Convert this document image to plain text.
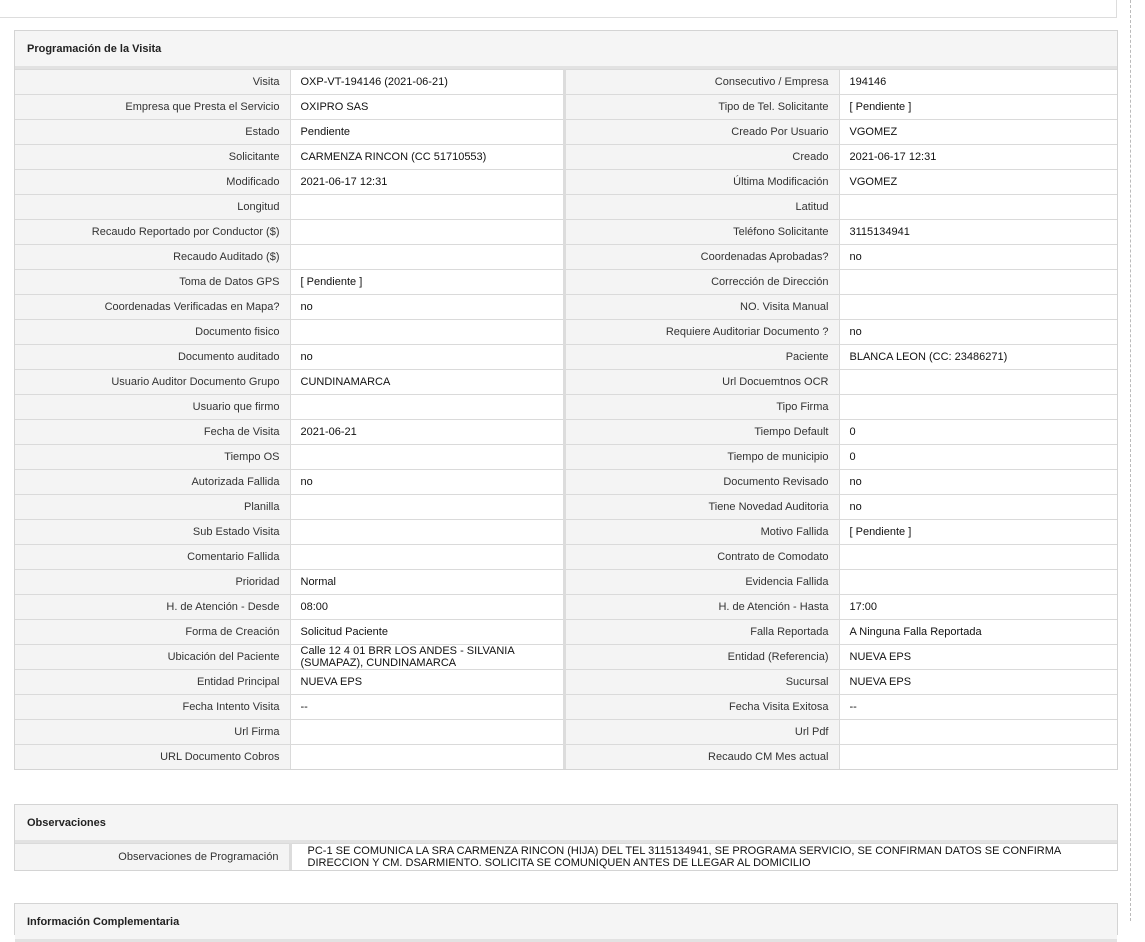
Programación de la Visita
Visita	OXP-VT-194146 (2021-06-21)	Consecutivo / Empresa	194146
Empresa que Presta el Servicio	OXIPRO SAS	Tipo de Tel. Solicitante	[ Pendiente ]
Estado	Pendiente	Creado Por Usuario	VGOMEZ
Solicitante	CARMENZA RINCON (CC 51710553)	Creado	2021-06-17 12:31
Modificado	2021-06-17 12:31	Última Modificación	VGOMEZ
Longitud		Latitud	
Recaudo Reportado por Conductor ($)		Teléfono Solicitante	3115134941
Recaudo Auditado ($)		Coordenadas Aprobadas?	no
Toma de Datos GPS	[ Pendiente ]	Corrección de Dirección	
Coordenadas Verificadas en Mapa?	no	NO. Visita Manual	
Documento fisico		Requiere Auditoriar Documento ?	no
Documento auditado	no	Paciente	BLANCA LEON (CC: 23486271)
Usuario Auditor Documento Grupo	CUNDINAMARCA	Url Docuemtnos OCR	
Usuario que firmo		Tipo Firma	
Fecha de Visita	2021-06-21	Tiempo Default	0
Tiempo OS		Tiempo de municipio	0
Autorizada Fallida	no	Documento Revisado	no
Planilla		Tiene Novedad Auditoria	no
Sub Estado Visita		Motivo Fallida	[ Pendiente ]
Comentario Fallida		Contrato de Comodato	
Prioridad	Normal	Evidencia Fallida	
H. de Atención - Desde	08:00	H. de Atención - Hasta	17:00
Forma de Creación	Solicitud Paciente	Falla Reportada	A Ninguna Falla Reportada
Ubicación del Paciente	Calle 12 4 01 BRR LOS ANDES - SILVANIA (SUMAPAZ), CUNDINAMARCA	Entidad (Referencia)	NUEVA EPS
Entidad Principal	NUEVA EPS	Sucursal	NUEVA EPS
Fecha Intento Visita	--	Fecha Visita Exitosa	--
Url Firma		Url Pdf	
URL Documento Cobros		Recaudo CM Mes actual	
Observaciones
Observaciones de Programación	PC-1 SE COMUNICA LA SRA CARMENZA RINCON (HIJA) DEL TEL 3115134941, SE PROGRAMA SERVICIO, SE CONFIRMAN DATOS SE CONFIRMA DIRECCION Y CM. DSARMIENTO. SOLICITA SE COMUNIQUEN ANTES DE LLEGAR AL DOMICILIO
Información Complementaria
